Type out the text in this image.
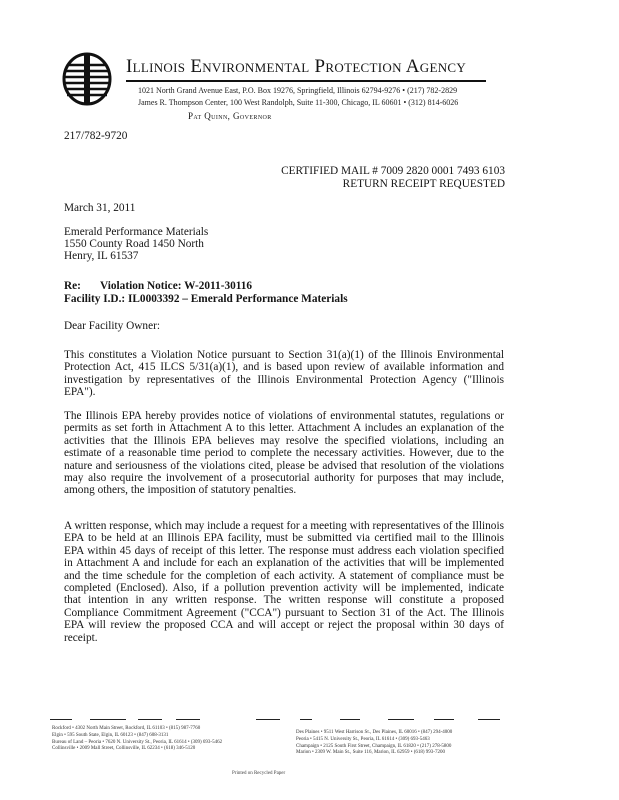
Illinois Environmental Protection Agency
1021 North Grand Avenue East, P.O. Box 19276, Springfield, Illinois 62794-9276 • (217) 782-2829
James R. Thompson Center, 100 West Randolph, Suite 11-300, Chicago, IL 60601 • (312) 814-6026
Pat Quinn, Governor
217/782-9720
CERTIFIED MAIL # 7009 2820 0001 7493 6103
RETURN RECEIPT REQUESTED
March 31, 2011
Emerald Performance Materials
1550 County Road 1450 North
Henry, IL 61537
Re: Violation Notice: W-2011-30116
Facility I.D.: IL0003392 – Emerald Performance Materials
Dear Facility Owner:
This constitutes a Violation Notice pursuant to Section 31(a)(1) of the Illinois Environmental
Protection Act, 415 ILCS 5/31(a)(1), and is based upon review of available information and
investigation by representatives of the Illinois Environmental Protection Agency ("Illinois
EPA").
The Illinois EPA hereby provides notice of violations of environmental statutes, regulations or
permits as set forth in Attachment A to this letter. Attachment A includes an explanation of the
activities that the Illinois EPA believes may resolve the specified violations, including an
estimate of a reasonable time period to complete the necessary activities. However, due to the
nature and seriousness of the violations cited, please be advised that resolution of the violations
may also require the involvement of a prosecutorial authority for purposes that may include,
among others, the imposition of statutory penalties.
A written response, which may include a request for a meeting with representatives of the Illinois
EPA to be held at an Illinois EPA facility, must be submitted via certified mail to the Illinois
EPA within 45 days of receipt of this letter. The response must address each violation specified
in Attachment A and include for each an explanation of the activities that will be implemented
and the time schedule for the completion of each activity. A statement of compliance must be
completed (Enclosed). Also, if a pollution prevention activity will be implemented, indicate
that intention in any written response. The written response will constitute a proposed
Compliance Commitment Agreement ("CCA") pursuant to Section 31 of the Act. The Illinois
EPA will review the proposed CCA and will accept or reject the proposal within 30 days of
receipt.
Rockford • 4302 North Main Street, Rockford, IL 61103 • (815) 987-7760
Elgin • 595 South State, Elgin, IL 60123 • (847) 608-3131
Bureau of Land – Peoria • 7620 N. University St., Peoria, IL 61614 • (309) 693-5462
Collinsville • 2009 Mall Street, Collinsville, IL 62234 • (618) 346-5120
Des Plaines • 9511 West Harrison St., Des Plaines, IL 60016 • (847) 294-4000
Peoria • 5415 N. University St., Peoria, IL 61614 • (309) 693-5463
Champaign • 2125 South First Street, Champaign, IL 61820 • (217) 278-5800
Marion • 2309 W. Main St., Suite 116, Marion, IL 62959 • (618) 993-7200
Printed on Recycled Paper
